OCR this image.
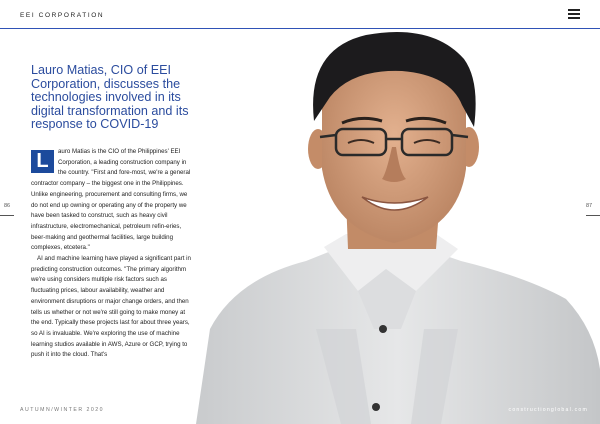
EEI CORPORATION
Lauro Matias, CIO of EEI Corporation, discusses the technologies involved in its digital transformation and its response to COVID-19
L	auro Matias is the CIO of the Philippines' EEI Corporation, a leading construction company in the country. "First and fore-most, we're a general contractor company – the biggest one in the Philippines. Unlike engineering, procurement and consulting firms, we do not end up owning or operating any of the property we have been tasked to construct, such as heavy civil infrastructure, electromechanical, petroleum refin-eries, beer-making and geothermal facilities, large building complexes, etcetera."

AI and machine learning have played a significant part in predicting construction outcomes. "The primary algorithm we're using considers multiple risk factors such as fluctuating prices, labour availability, weather and environment disruptions or major change orders, and then tells us whether or not we're still going to make money at the end. Typically these projects last for about three years, so AI is invaluable. We're exploring the use of machine learning studios available in AWS, Azure or GCP, trying to push it into the cloud. That's

86	87
AUTUMN/WINTER 2020	constructionglobal.com
